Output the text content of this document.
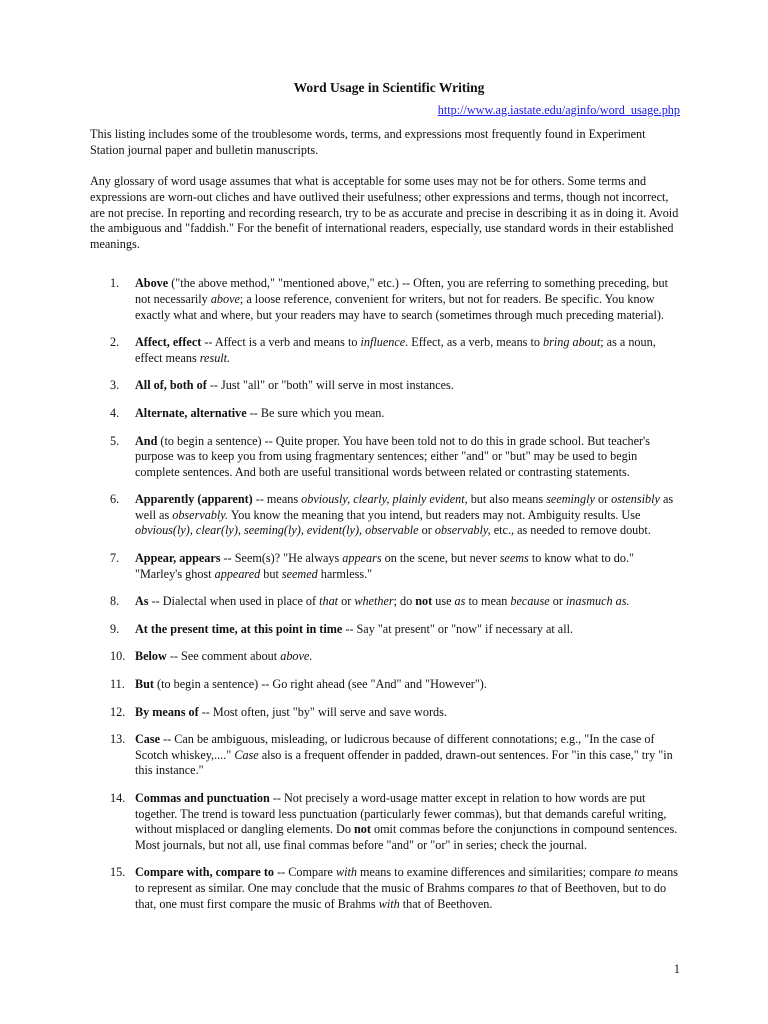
Word Usage in Scientific Writing
http://www.ag.iastate.edu/aginfo/word_usage.php

This listing includes some of the troublesome words, terms, and expressions most frequently found in Experiment Station journal paper and bulletin manuscripts.

Any glossary of word usage assumes that what is acceptable for some uses may not be for others. Some terms and expressions are worn-out cliches and have outlived their usefulness; other expressions and terms, though not incorrect, are not precise. In reporting and recording research, try to be as accurate and precise in describing it as in doing it. Avoid the ambiguous and "faddish." For the benefit of international readers, especially, use standard words in their established meanings.

1.	Above ("the above method," "mentioned above," etc.) -- Often, you are referring to something preceding, but not necessarily above; a loose reference, convenient for writers, but not for readers. Be specific. You know exactly what and where, but your readers may have to search (sometimes through much preceding material).
2.	Affect, effect -- Affect is a verb and means to influence. Effect, as a verb, means to bring about; as a noun, effect means result.
3.	All of, both of -- Just "all" or "both" will serve in most instances.
4.	Alternate, alternative -- Be sure which you mean.
5.	And (to begin a sentence) -- Quite proper. You have been told not to do this in grade school. But teacher's purpose was to keep you from using fragmentary sentences; either "and" or "but" may be used to begin complete sentences. And both are useful transitional words between related or contrasting statements.
6.	Apparently (apparent) -- means obviously, clearly, plainly evident, but also means seemingly or ostensibly as well as observably. You know the meaning that you intend, but readers may not. Ambiguity results. Use obvious(ly), clear(ly), seeming(ly), evident(ly), observable or observably, etc., as needed to remove doubt.
7.	Appear, appears -- Seem(s)? "He always appears on the scene, but never seems to know what to do." "Marley's ghost appeared but seemed harmless."
8.	As -- Dialectal when used in place of that or whether; do not use as to mean because or inasmuch as.
9.	At the present time, at this point in time -- Say "at present" or "now" if necessary at all.
10. Below -- See comment about above.
11. But (to begin a sentence) -- Go right ahead (see "And" and "However").
12. By means of -- Most often, just "by" will serve and save words.
13. Case -- Can be ambiguous, misleading, or ludicrous because of different connotations; e.g., "In the case of Scotch whiskey,...." Case also is a frequent offender in padded, drawn-out sentences. For "in this case," try "in this instance."
14. Commas and punctuation -- Not precisely a word-usage matter except in relation to how words are put together. The trend is toward less punctuation (particularly fewer commas), but that demands careful writing, without misplaced or dangling elements. Do not omit commas before the conjunctions in compound sentences. Most journals, but not all, use final commas before "and" or "or" in series; check the journal.
15. Compare with, compare to -- Compare with means to examine differences and similarities; compare to means to represent as similar. One may conclude that the music of Brahms compares to that of Beethoven, but to do that, one must first compare the music of Brahms with that of Beethoven.
1
